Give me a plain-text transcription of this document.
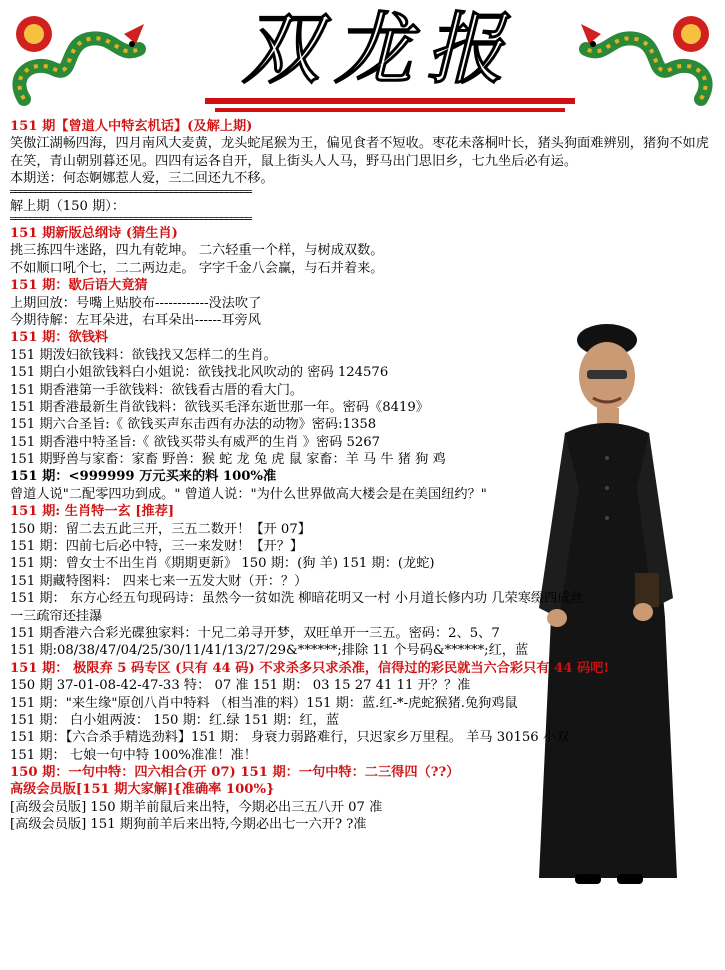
双龙报
151 期【曾道人中特玄机话】(及解上期)
笑傲江湖畅四海，四月南风大麦黄，龙头蛇尾猴为王，偏见食者不短收。枣花未落桐叶长，猪头狗面难辨别，猪狗不如虎在笑，青山朝别暮还见。四四有运各自开，鼠上街头人人马，野马出门思旧乡，七九坐后必有运。
本期送：何态婀娜惹人爱，三二回还九不移。
════════════════════════════════════════════════
解上期（150 期）：
════════════════════════════════════════════════
151 期新版总纲诗 (猜生肖)
挑三拣四牛迷路，四九有乾坤。 二六轻重一个样，与树成双数。
不如顺口吼个七，二二两边走。 字字千金八会赢，与石并着来。
151 期：歇后语大竟猜
上期回放：号嘴上贴胶布------------没法吹了
今期待解：左耳朵进，右耳朵出------耳旁风
151 期：欲钱料
151 期泼妇欲钱料：欲钱找又怎样二的生肖。
151 期白小姐欲钱料白小姐说：欲钱找北风吹动的 密码 124576
151 期香港第一手欲钱料：欲钱看古厝的看大门。
151 期香港最新生肖欲钱料：欲钱买毛泽东逝世那一年。密码《8419》
151 期六合圣旨:《 欲钱买声东击西有办法的动物》密码:1358
151 期香港中特圣旨:《 欲钱买带头有威严的生肖 》密码 5267
151 期野兽与家畜：家畜 野兽：猴 蛇 龙 兔 虎 鼠 家畜：羊 马 牛 猪 狗 鸡
151 期：<999999 万元买来的料 100%准
曾道人说"二配零四功到成。" 曾道人说："为什么世界做高大楼会是在美国纽约？"
151 期: 生肖特一玄 [推荐]
150 期：留二去五此三开，三五二数开！【开 07】
151 期：四前七后必中特，三一来发财！【开？】
151 期：曾女士不出生肖《期期更新》 150 期：(狗 羊) 151 期：(龙蛇)
151 期藏特图料： 四来七来一五发大财（开：？）
151 期： 东方心经五句现码诗：虽然今一贫如洗 柳暗花明又一村 小月道长修内功 几荣寒缀四成丝
一三疏帘还挂瀑
151 期香港六合彩光碟独家料：十兄二弟寻开梦，双旺单开一三五。密码：2、5、7
151 期:08/38/47/04/25/30/11/41/13/27/29&******;排除 11 个号码&******;红，蓝
151 期： 极限弃 5 码专区 (只有 44 码) 不求杀多只求杀准，信得过的彩民就当六合彩只有 44 码吧!
150 期 37-01-08-42-47-33 特： 07 准 151 期： 03 15 27 41 11 开？？准
151 期："来生缘"原创八肖中特料 （相当准的料）151 期：蓝.红-*-虎蛇猴猪.兔狗鸡鼠
151 期： 白小姐两波： 150 期：红.绿 151 期：红，蓝
151 期：【六合杀手精选劲料】151 期： 身衰力弱路难行，只迟家乡万里程。 羊马 30156 小双
151 期： 七娘一句中特 100%准准！准！
150 期：一句中特：四六相合(开 07) 151 期：一句中特：二三得四（??）
高级会员版[151 期大家解]{准确率 100%}
[高级会员版] 150 期羊前鼠后来出特，今期必出三五八开 07 准
[高级会员版] 151 期狗前羊后来出特,今期必出七一六开? ?准
